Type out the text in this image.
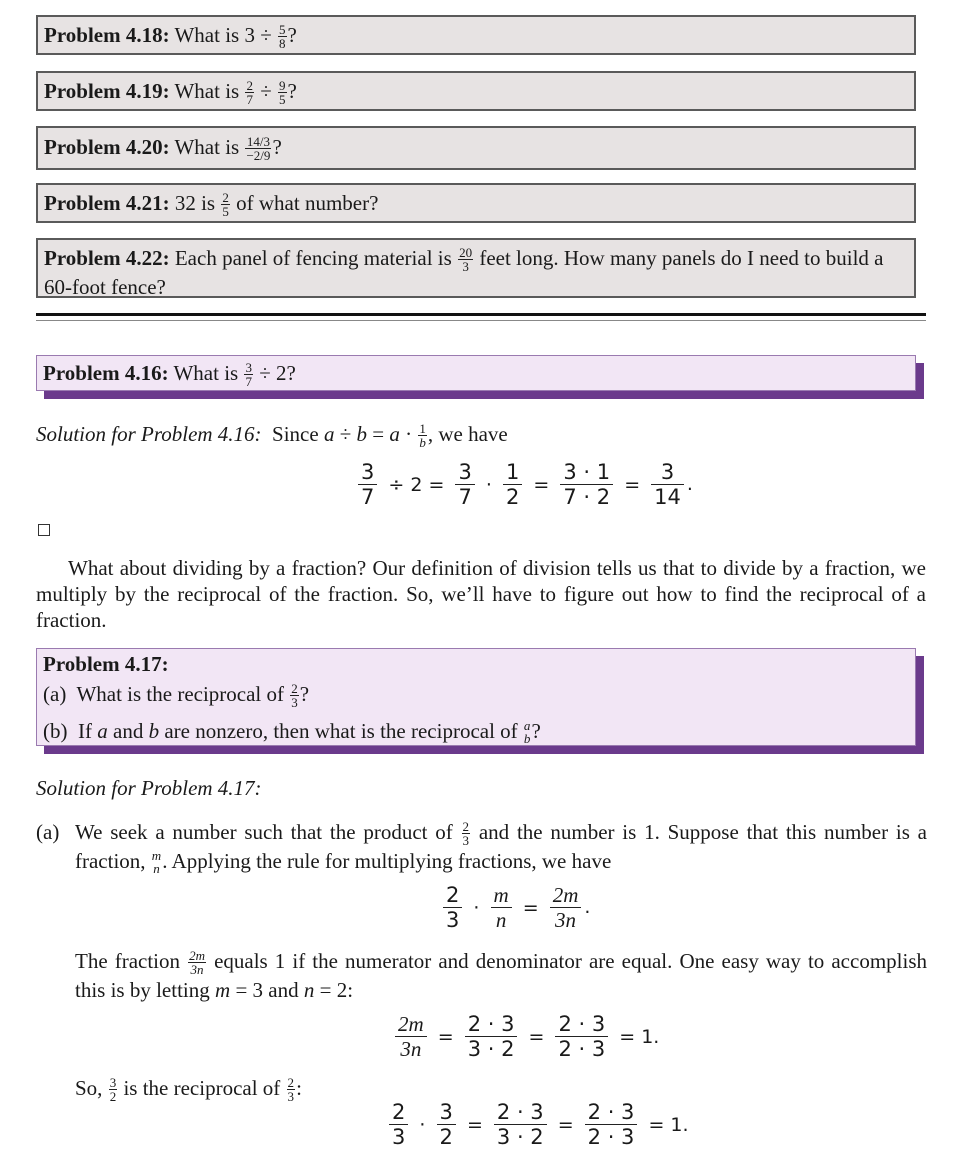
Problem 4.18: What is $3 \div \frac{5}{8}$ ?
Problem 4.19: What is $\frac{2}{7} \div \frac{9}{5}$ ?
Problem 4.20: What is $\frac{14/3}{-2/9}$ ?
Problem 4.21: 32 is $\frac{2}{5}$ of what number?
Problem 4.22: Each panel of fencing material is $\frac{20}{3}$ feet long. How many panels do I need to build a 60-foot fence?
Problem 4.16: What is $\frac{3}{7} \div 2$?
Solution for Problem 4.16: Since $a \div b = a \cdot \frac{1}{b}$ , we have
$\frac{3}{7} \div 2 = \frac{3}{7} \cdot \frac{1}{2} = \frac{3 \cdot 1}{7 \cdot 2} = \frac{3}{14}$ .
What about dividing by a fraction? Our definition of division tells us that to divide by a fraction, we multiply by the reciprocal of the fraction. So, we’ll have to figure out how to find the reciprocal of a fraction.
Problem 4.17:
(a) What is the reciprocal of $\frac{2}{3}$ ?
(b) If a and b are nonzero, then what is the reciprocal of a
b ?
Solution for Problem 4.17:
(a) We seek a number such that the product of $\frac{2}{3}$ and the number is 1. Suppose that this number is a fraction, m
n . Applying the rule for multiplying fractions, we have
$\frac{2}{3} \cdot \frac{m}{n} = \frac{2m}{3n}$ .
The fraction $\frac{2m}{3n}$ equals 1 if the numerator and denominator are equal. One easy way to accomplish this is by letting m = 3 and n = 2:
$\frac{2m}{3n} = \frac{2 \cdot 3}{3 \cdot 2} = \frac{2 \cdot 3}{2 \cdot 3} = 1$.
So, $\frac{3}{2}$ is the reciprocal of $\frac{2}{3}$ :
$\frac{2}{3} \cdot \frac{3}{2} = \frac{2 \cdot 3}{3 \cdot 2} = \frac{2 \cdot 3}{2 \cdot 3} = 1$.
